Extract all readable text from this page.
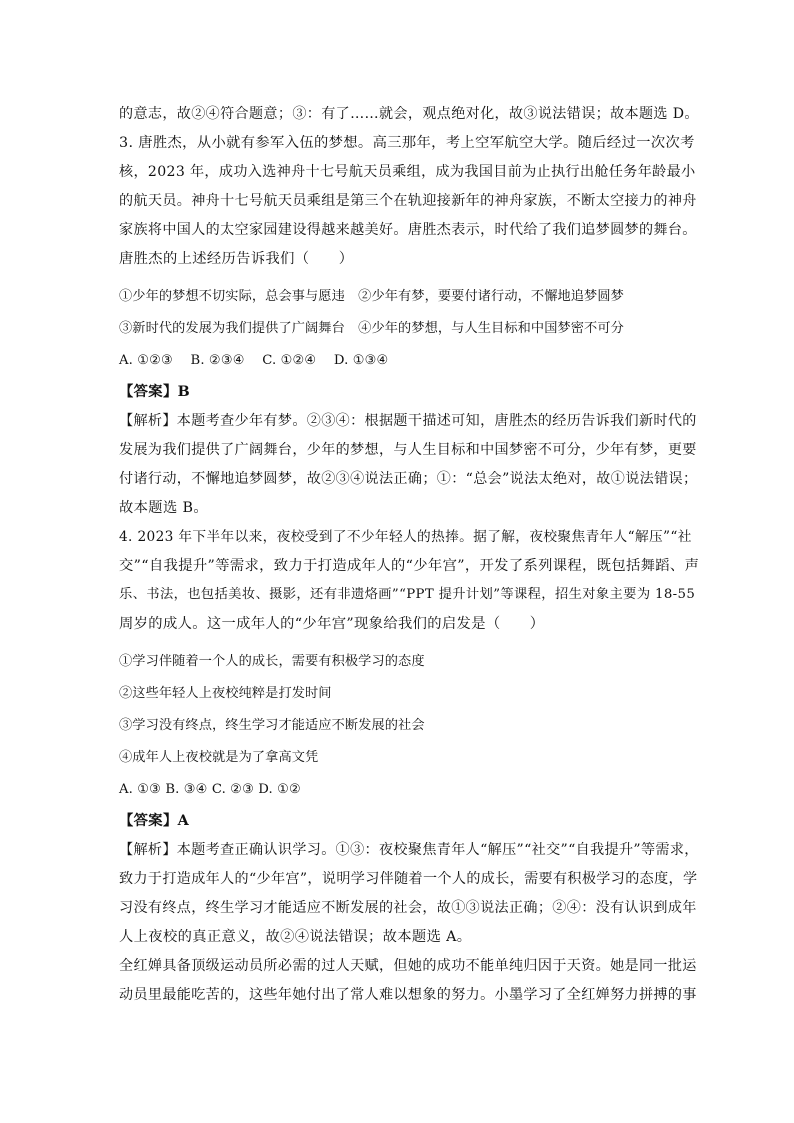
的意志，故②④符合题意；③：有了……就会，观点绝对化，故③说法错误；故本题选 D。
3. 唐胜杰，从小就有参军入伍的梦想。高三那年，考上空军航空大学。随后经过一次次考
核，2023 年，成功入选神舟十七号航天员乘组，成为我国目前为止执行出舱任务年龄最小
的航天员。神舟十七号航天员乘组是第三个在轨迎接新年的神舟家族，不断太空接力的神舟
家族将中国人的太空家园建设得越来越美好。唐胜杰表示，时代给了我们追梦圆梦的舞台。
唐胜杰的上述经历告诉我们（　　）
①少年的梦想不切实际，总会事与愿违　②少年有梦，要要付诸行动，不懈地追梦圆梦
③新时代的发展为我们提供了广阔舞台　④少年的梦想，与人生目标和中国梦密不可分
A. ①②③　 B. ②③④　 C. ①②④　 D. ①③④
【答案】B
【解析】本题考查少年有梦。②③④：根据题干描述可知，唐胜杰的经历告诉我们新时代的
发展为我们提供了广阔舞台，少年的梦想，与人生目标和中国梦密不可分，少年有梦，更要
付诸行动，不懈地追梦圆梦，故②③④说法正确；①：“总会”说法太绝对，故①说法错误；
故本题选 B。
4. 2023 年下半年以来，夜校受到了不少年轻人的热捧。据了解，夜校聚焦青年人“解压”“社
交”“自我提升”等需求，致力于打造成年人的“少年宫”，开发了系列课程，既包括舞蹈、声
乐、书法，也包括美妆、摄影，还有非遗烙画”“PPT 提升计划”等课程，招生对象主要为 18-55
周岁的成人。这一成年人的“少年宫”现象给我们的启发是（　　）
①学习伴随着一个人的成长，需要有积极学习的态度
②这些年轻人上夜校纯粹是打发时间
③学习没有终点，终生学习才能适应不断发展的社会
④成年人上夜校就是为了拿高文凭
A. ①③ B. ③④ C. ②③ D. ①②
【答案】A
【解析】本题考查正确认识学习。①③：夜校聚焦青年人“解压”“社交”“自我提升”等需求，
致力于打造成年人的“少年宫”，说明学习伴随着一个人的成长，需要有积极学习的态度，学
习没有终点，终生学习才能适应不断发展的社会，故①③说法正确；②④：没有认识到成年
人上夜校的真正意义，故②④说法错误；故本题选 A。
全红婵具备顶级运动员所必需的过人天赋，但她的成功不能单纯归因于天资。她是同一批运
动员里最能吃苦的，这些年她付出了常人难以想象的努力。小墨学习了全红婵努力拼搏的事
